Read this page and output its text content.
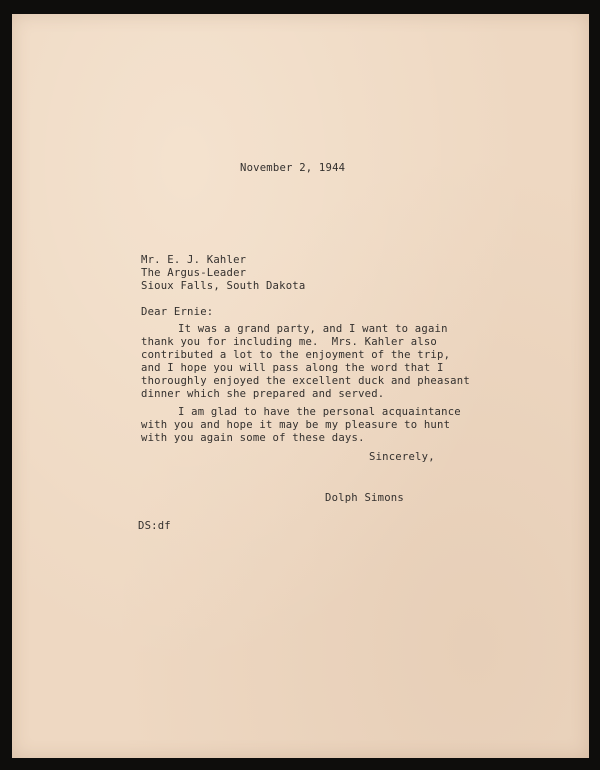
November 2, 1944

Mr. E. J. Kahler

The Argus-Leader

Sioux Falls, South Dakota

Dear Ernie:

It was a grand party, and I want to again

thank you for including me.  Mrs. Kahler also

contributed a lot to the enjoyment of the trip,

and I hope you will pass along the word that I

thoroughly enjoyed the excellent duck and pheasant

dinner which she prepared and served.

I am glad to have the personal acquaintance

with you and hope it may be my pleasure to hunt

with you again some of these days.

Sincerely,

Dolph Simons

DS:df
